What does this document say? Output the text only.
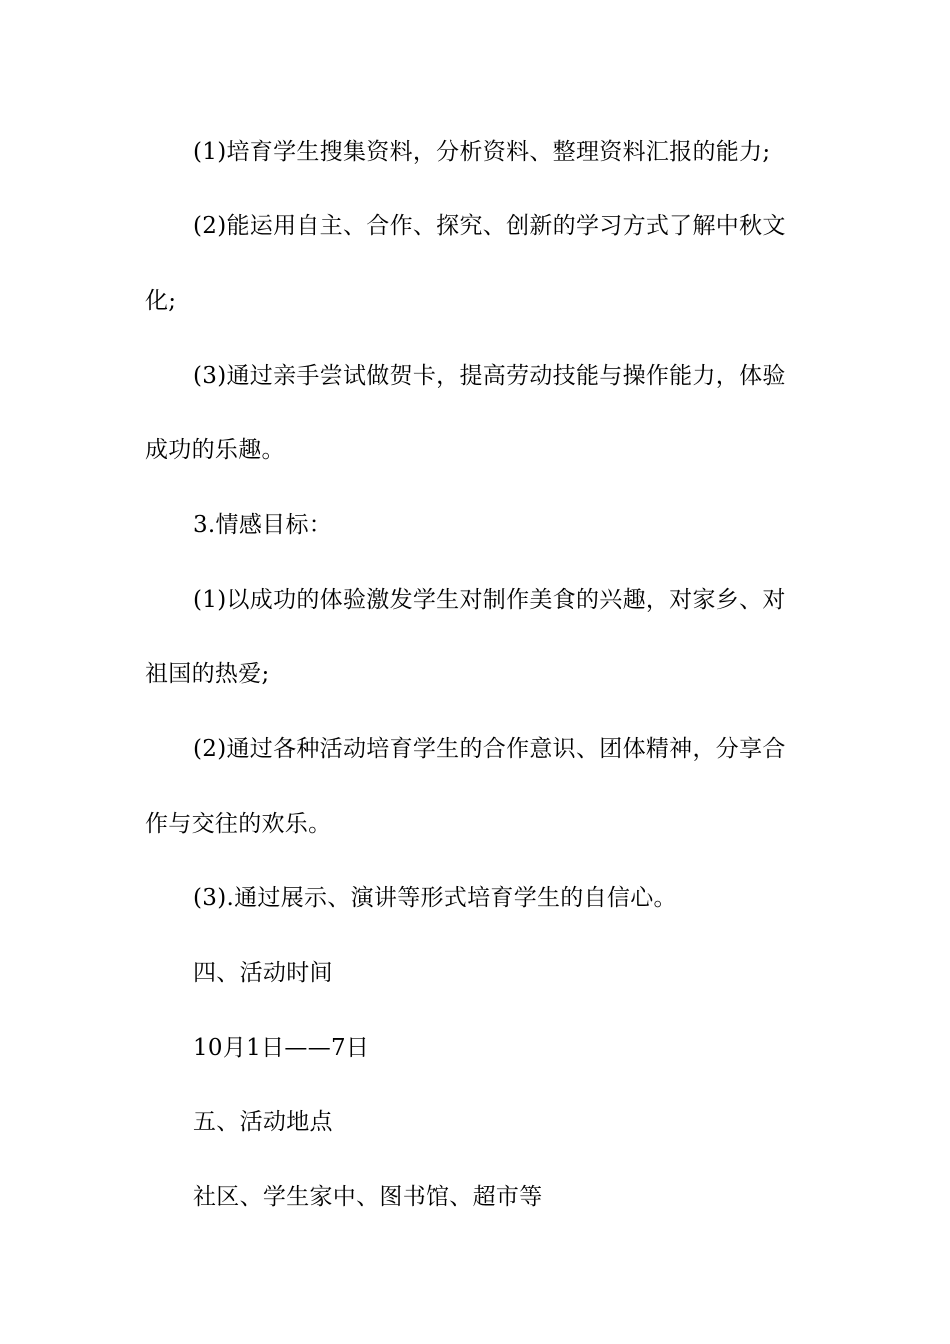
(1)培育学生搜集资料，分析资料、整理资料汇报的能力;
(2)能运用自主、合作、探究、创新的学习方式了解中秋文
化;
(3)通过亲手尝试做贺卡，提高劳动技能与操作能力，体验
成功的乐趣。
3.情感目标：
(1)以成功的体验激发学生对制作美食的兴趣，对家乡、对
祖国的热爱;
(2)通过各种活动培育学生的合作意识、团体精神，分享合
作与交往的欢乐。
(3).通过展示、演讲等形式培育学生的自信心。
四、活动时间
10月1日——7日
五、活动地点
社区、学生家中、图书馆、超市等
